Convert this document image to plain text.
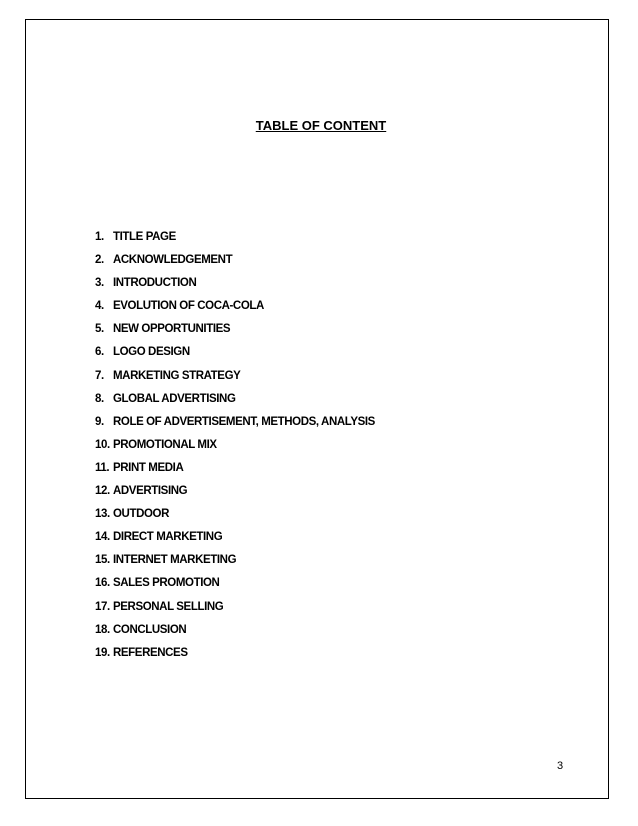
TABLE OF CONTENT
1. TITLE PAGE
2. ACKNOWLEDGEMENT
3. INTRODUCTION
4. EVOLUTION OF COCA-COLA
5. NEW OPPORTUNITIES
6. LOGO DESIGN
7. MARKETING STRATEGY
8. GLOBAL ADVERTISING
9. ROLE OF ADVERTISEMENT, METHODS, ANALYSIS
10. PROMOTIONAL MIX
11. PRINT MEDIA
12. ADVERTISING
13. OUTDOOR
14. DIRECT MARKETING
15. INTERNET MARKETING
16. SALES PROMOTION
17. PERSONAL SELLING
18. CONCLUSION
19. REFERENCES
3
